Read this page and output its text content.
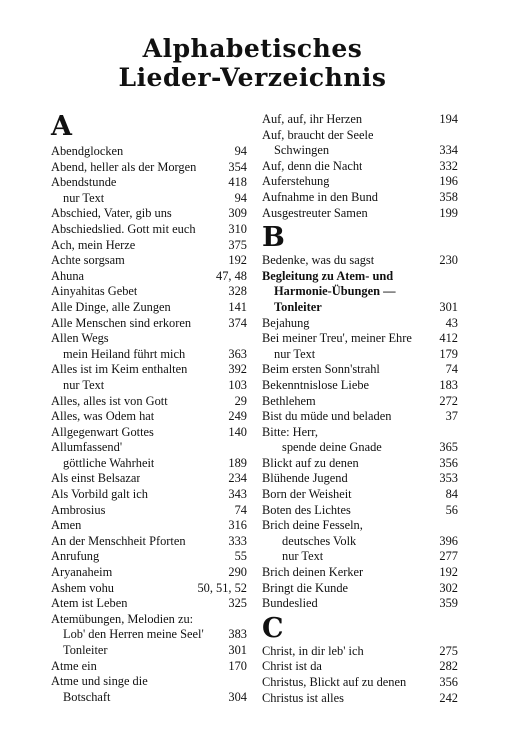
Alphabetisches
Lieder-Verzeichnis
A
Abendglocken	94
Abend, heller als der Morgen	354
Abendstunde	418
nur Text	94
Abschied, Vater, gib uns	309
Abschiedslied. Gott mit euch	310
Ach, mein Herze	375
Achte sorgsam	192
Ahuna	47, 48
Ainyahitas Gebet	328
Alle Dinge, alle Zungen	141
Alle Menschen sind erkoren	374
Allen Wegs
mein Heiland führt mich	363
Alles ist im Keim enthalten	392
nur Text	103
Alles, alles ist von Gott	29
Alles, was Odem hat	249
Allgegenwart Gottes	140
Allumfassend'
göttliche Wahrheit	189
Als einst Belsazar	234
Als Vorbild galt ich	343
Ambrosius	74
Amen	316
An der Menschheit Pforten	333
Anrufung	55
Aryanaheim	290
Ashem vohu	50, 51, 52
Atem ist Leben	325
Atemübungen, Melodien zu:
Lob' den Herren meine Seel'	383
Tonleiter	301
Atme ein	170
Atme und singe die
Botschaft	304
Auf, auf, ihr Herzen	194
Auf, braucht der Seele
Schwingen	334
Auf, denn die Nacht	332
Auferstehung	196
Aufnahme in den Bund	358
Ausgestreuter Samen	199
B
Bedenke, was du sagst	230
Begleitung zu Atem- und
Harmonie-Übungen —
Tonleiter	301
Bejahung	43
Bei meiner Treu', meiner Ehre	412
nur Text	179
Beim ersten Sonn'strahl	74
Bekenntnislose Liebe	183
Bethlehem	272
Bist du müde und beladen	37
Bitte: Herr,
spende deine Gnade	365
Blickt auf zu denen	356
Blühende Jugend	353
Born der Weisheit	84
Boten des Lichtes	56
Brich deine Fesseln,
deutsches Volk	396
nur Text	277
Brich deinen Kerker	192
Bringt die Kunde	302
Bundeslied	359
C
Christ, in dir leb' ich	275
Christ ist da	282
Christus, Blickt auf zu denen	356
Christus ist alles	242
